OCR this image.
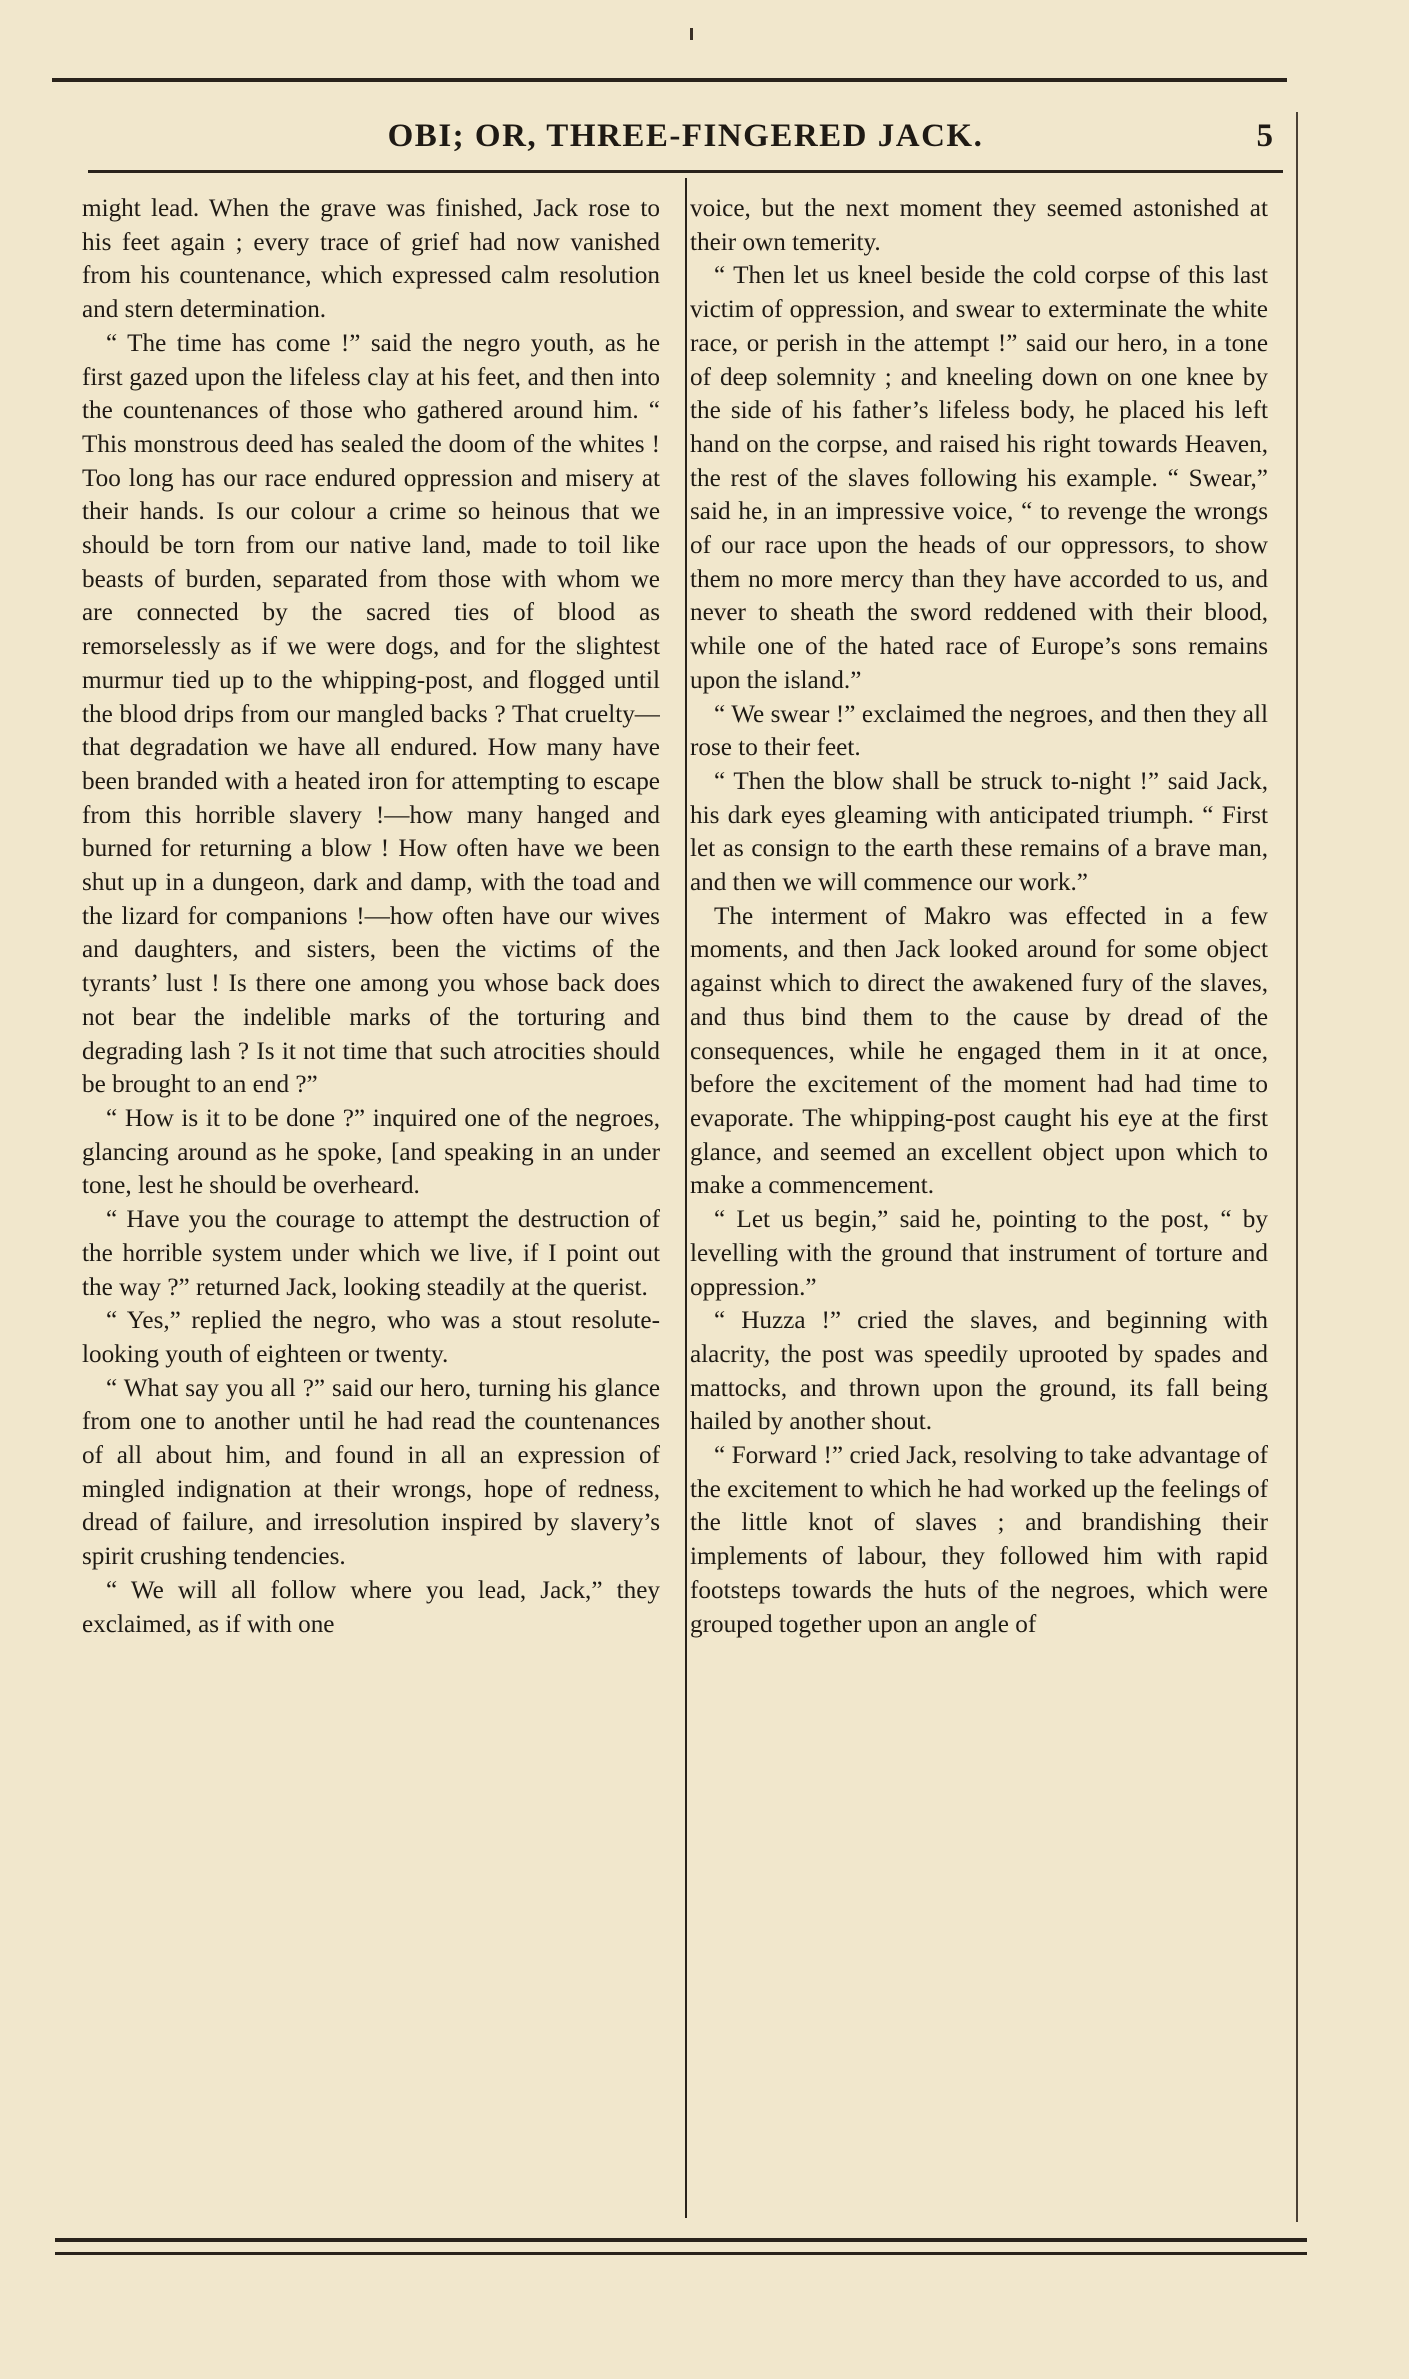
OBI; OR, THREE-FINGERED JACK.	5

might lead. When the grave was finished, Jack rose to his feet again ; every trace of grief had now vanished from his countenance, which expressed calm resolution and stern determination.

“ The time has come !” said the negro youth, as he first gazed upon the lifeless clay at his feet, and then into the countenances of those who gathered around him. “ This monstrous deed has sealed the doom of the whites ! Too long has our race endured oppression and misery at their hands. Is our colour a crime so heinous that we should be torn from our native land, made to toil like beasts of burden, separated from those with whom we are connected by the sacred ties of blood as remorselessly as if we were dogs, and for the slightest murmur tied up to the whipping-post, and flogged until the blood drips from our mangled backs ? That cruelty—that degradation we have all endured. How many have been branded with a heated iron for attempting to escape from this horrible slavery !—how many hanged and burned for returning a blow ! How often have we been shut up in a dungeon, dark and damp, with the toad and the lizard for companions !—how often have our wives and daughters, and sisters, been the victims of the tyrants’ lust ! Is there one among you whose back does not bear the indelible marks of the torturing and degrading lash ? Is it not time that such atrocities should be brought to an end ?”

“ How is it to be done ?” inquired one of the negroes, glancing around as he spoke, [and speaking in an under tone, lest he should be overheard.

“ Have you the courage to attempt the destruction of the horrible system under which we live, if I point out the way ?” returned Jack, looking steadily at the querist.

“ Yes,” replied the negro, who was a stout resolute-looking youth of eighteen or twenty.

“ What say you all ?” said our hero, turning his glance from one to another until he had read the countenances of all about him, and found in all an expression of mingled indignation at their wrongs, hope of redness, dread of failure, and irresolution inspired by slavery’s spirit crushing tendencies.

“ We will all follow where you lead, Jack,” they exclaimed, as if with one

voice, but the next moment they seemed astonished at their own temerity.

“ Then let us kneel beside the cold corpse of this last victim of oppression, and swear to exterminate the white race, or perish in the attempt !” said our hero, in a tone of deep solemnity ; and kneeling down on one knee by the side of his father’s lifeless body, he placed his left hand on the corpse, and raised his right towards Heaven, the rest of the slaves following his example. “ Swear,” said he, in an impressive voice, “ to revenge the wrongs of our race upon the heads of our oppressors, to show them no more mercy than they have accorded to us, and never to sheath the sword reddened with their blood, while one of the hated race of Europe’s sons remains upon the island.”

“ We swear !” exclaimed the negroes, and then they all rose to their feet.

“ Then the blow shall be struck to-night !” said Jack, his dark eyes gleaming with anticipated triumph. “ First let as consign to the earth these remains of a brave man, and then we will commence our work.”

The interment of Makro was effected in a few moments, and then Jack looked around for some object against which to direct the awakened fury of the slaves, and thus bind them to the cause by dread of the consequences, while he engaged them in it at once, before the excitement of the moment had had time to evaporate. The whipping-post caught his eye at the first glance, and seemed an excellent object upon which to make a commencement.

“ Let us begin,” said he, pointing to the post, “ by levelling with the ground that instrument of torture and oppression.”

“ Huzza !” cried the slaves, and beginning with alacrity, the post was speedily uprooted by spades and mattocks, and thrown upon the ground, its fall being hailed by another shout.

“ Forward !” cried Jack, resolving to take advantage of the excitement to which he had worked up the feelings of the little knot of slaves ; and brandishing their implements of labour, they followed him with rapid footsteps towards the huts of the negroes, which were grouped together upon an angle of
